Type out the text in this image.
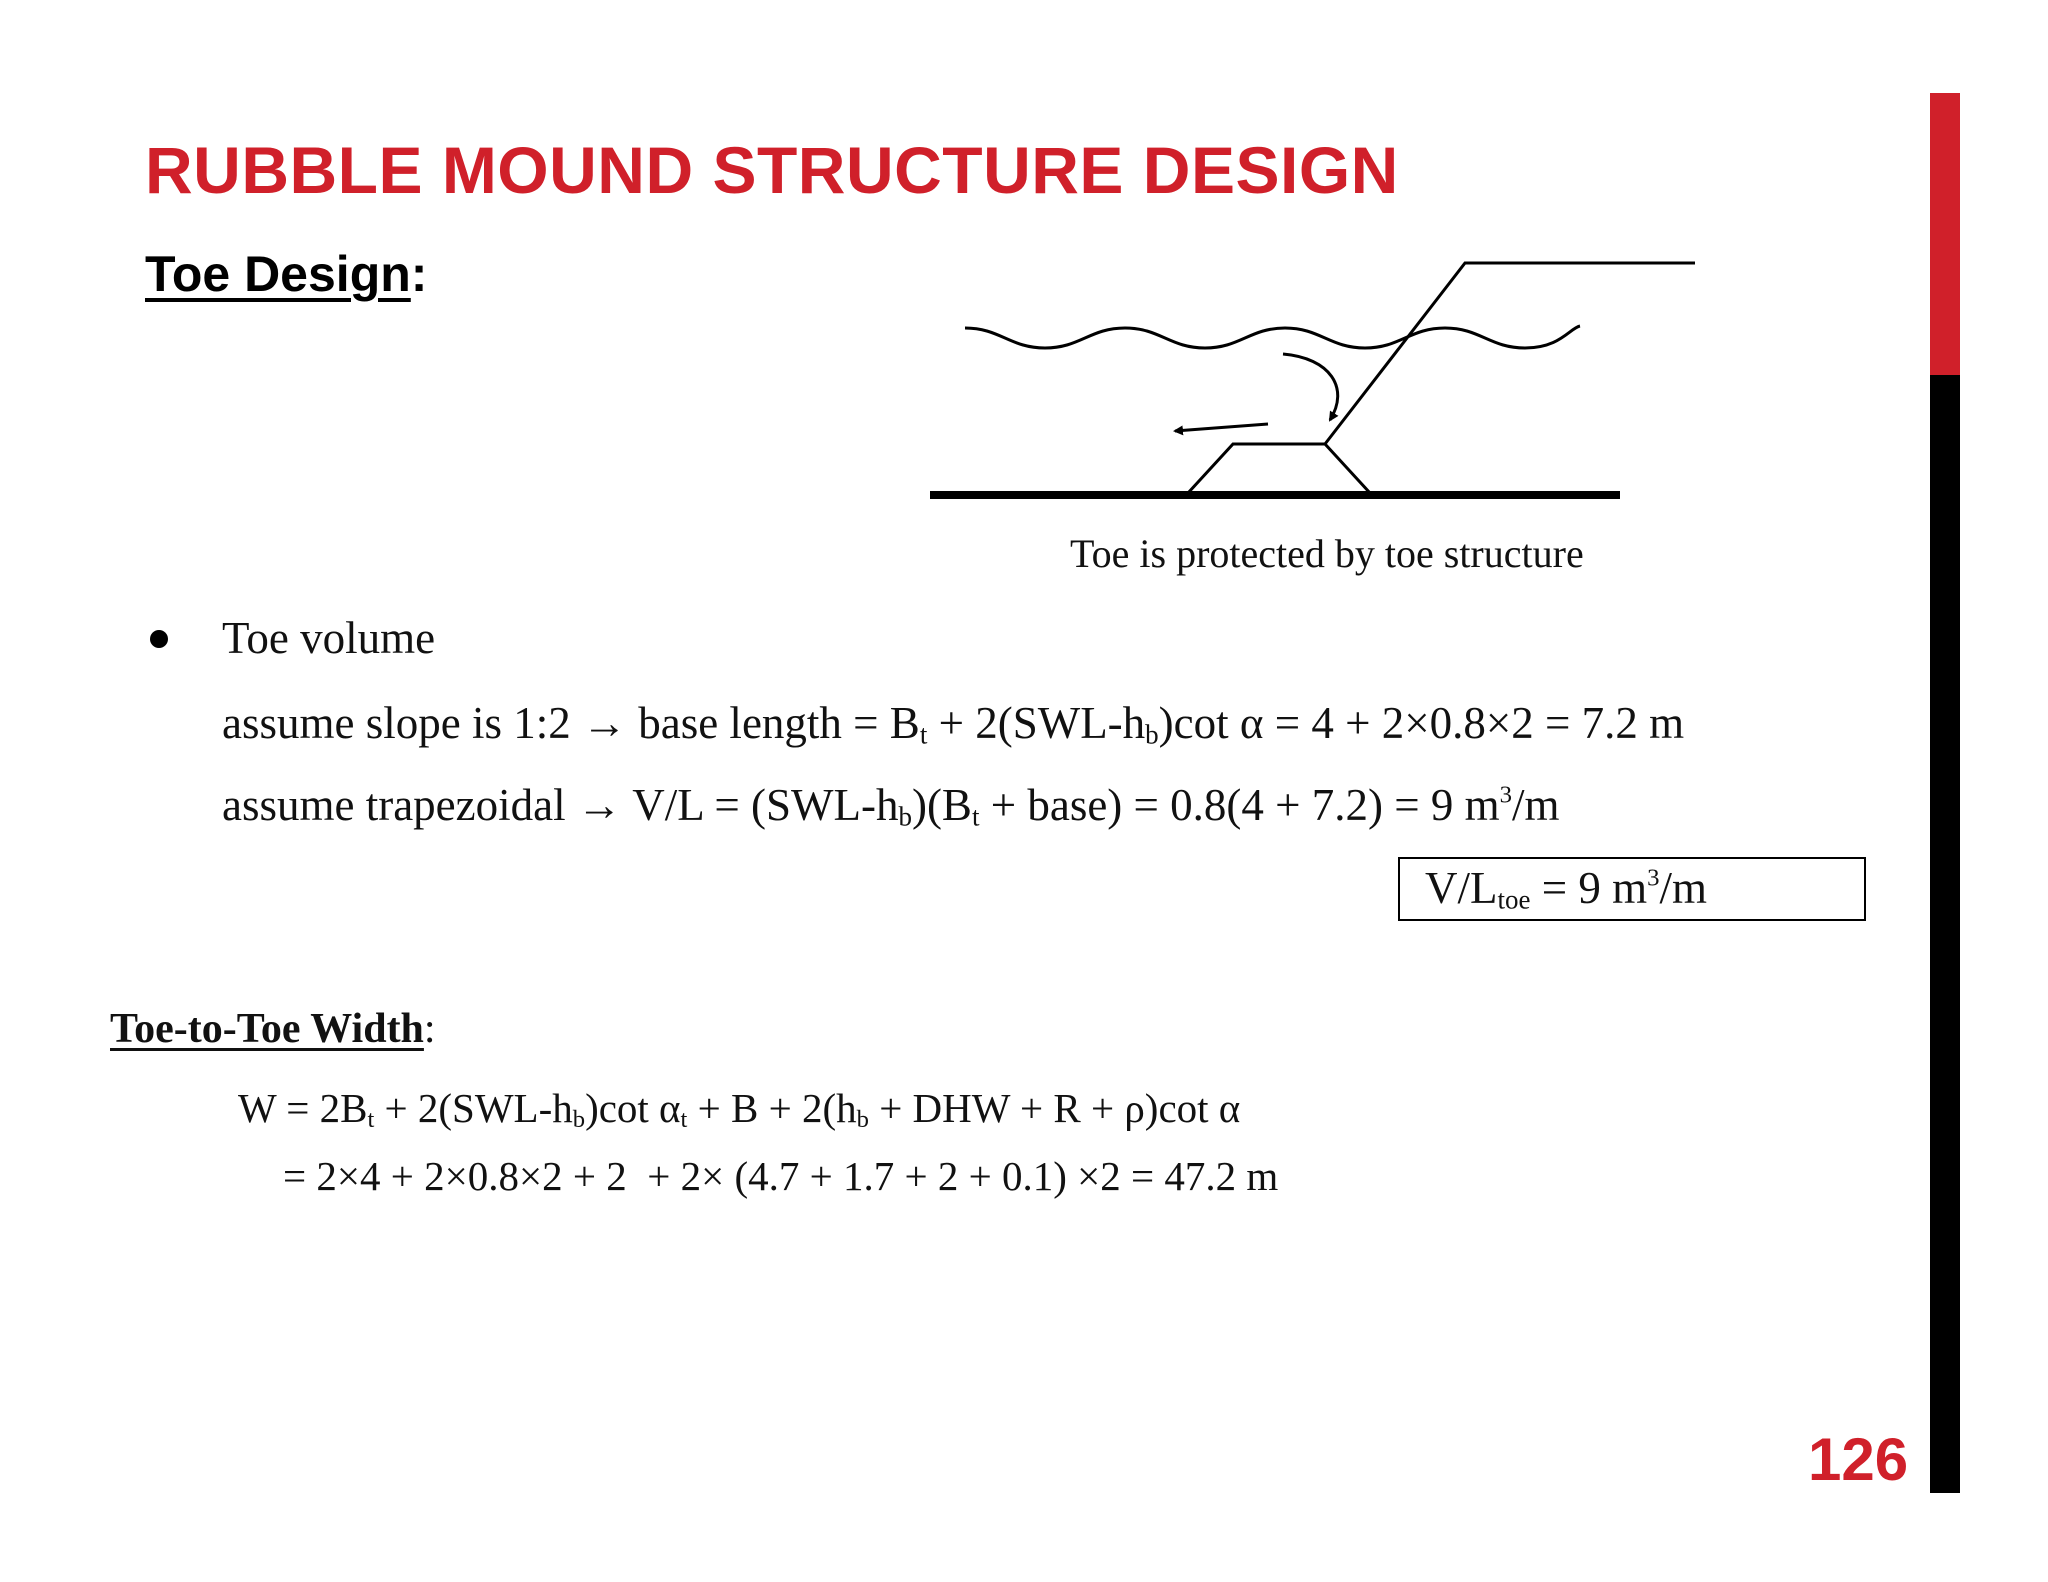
RUBBLE MOUND STRUCTURE DESIGN
Toe Design:
Toe is protected by toe structure
Toe volume
assume slope is 1:2 → base length = $B_t + 2(SWL-h_b)\cot$ α = 4 + 2×0.8×2 = 7.2 m
assume trapezoidal → $V/L = (SWL-h_b)(B_t$ + base) = 0.8(4 + 7.2) = 9 $m^3/m$
$V/L_{toe} = 9$ $m^3/m$
Toe-to-Toe Width:
$W = 2B_t + 2(SWL-h_b)\cot$ $\alpha_t + B + 2(h_b$ + DHW + R + ρ)cot α
= 2×4 + 2×0.8×2 + 2  + 2× (4.7 + 1.7 + 2 + 0.1) ×2 = 47.2 m
126
